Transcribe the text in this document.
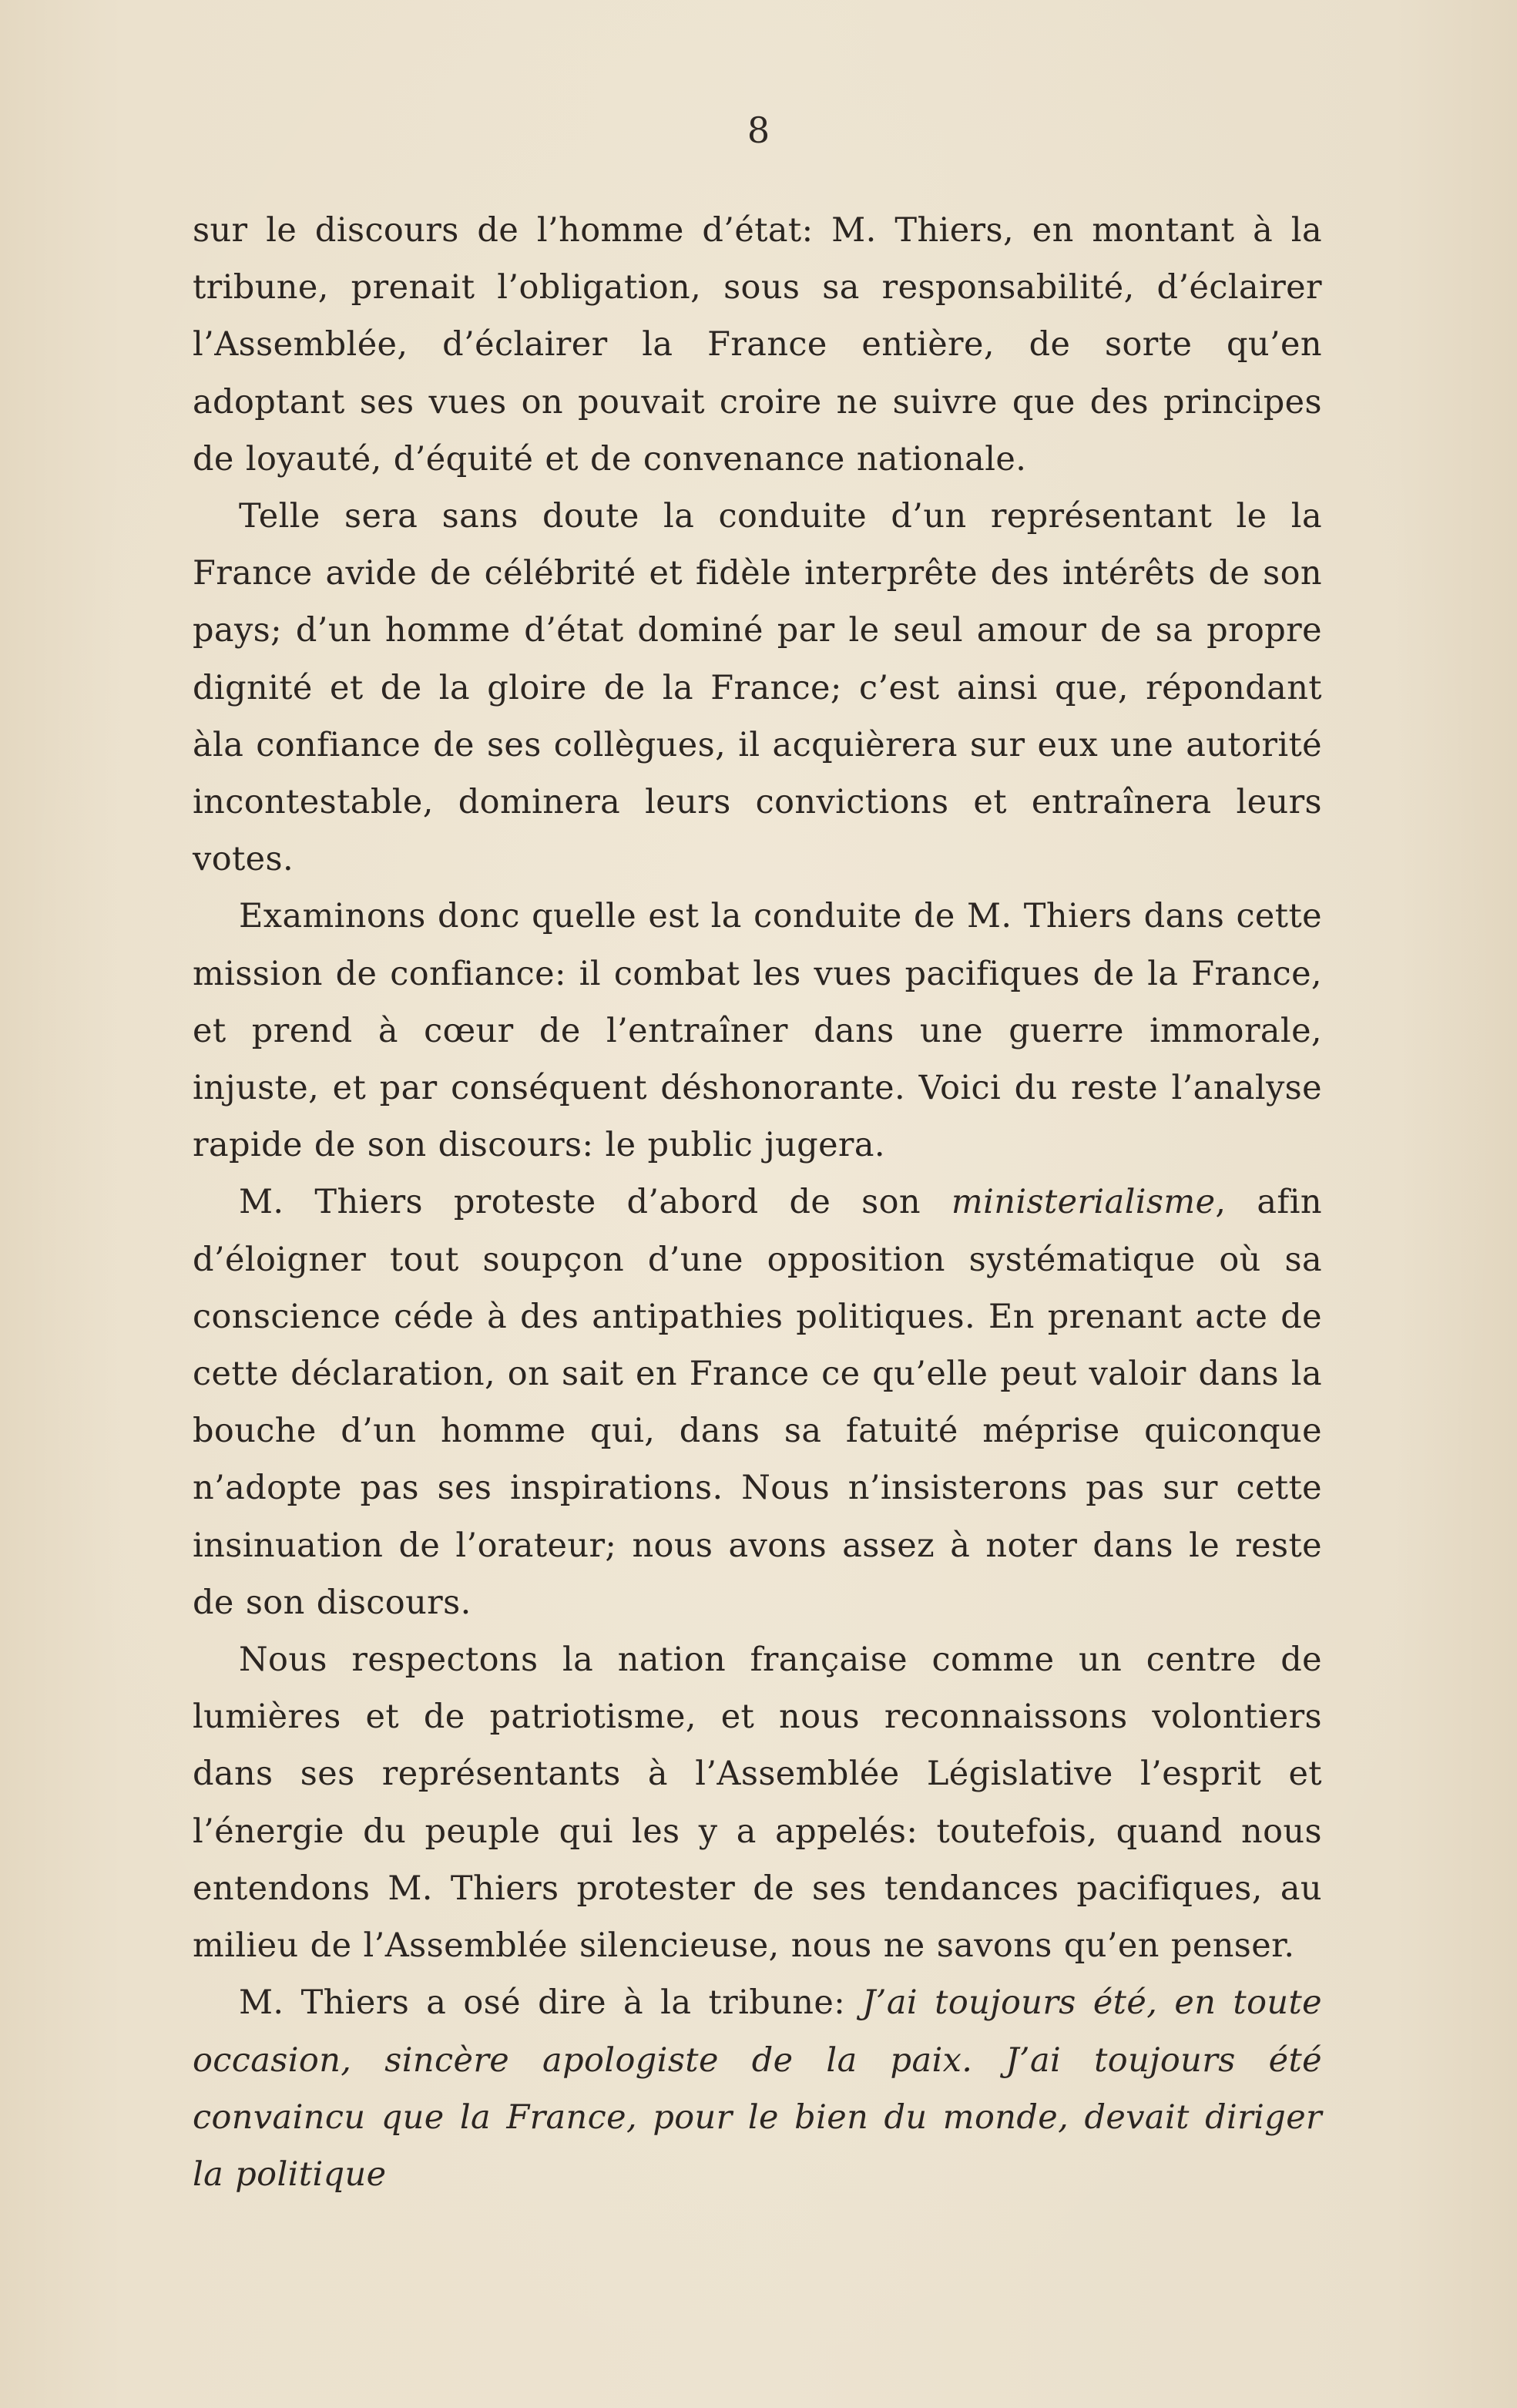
8

sur le discours de l’homme d’état: M. Thiers, en montant à la tribune, prenait l’obligation, sous sa responsabilité, d’éclairer l’Assemblée, d’éclairer la France entière, de sorte qu’en adoptant ses vues on pouvait croire ne suivre que des principes de loyauté, d’équité et de convenance nationale.

Telle sera sans doute la conduite d’un représentant le la France avide de célébrité et fidèle interprête des intérêts de son pays; d’un homme d’état dominé par le seul amour de sa propre dignité et de la gloire de la France; c’est ainsi que, répondant àla confiance de ses collègues, il acquièrera sur eux une autorité incontestable, dominera leurs convictions et entraînera leurs votes.

Examinons donc quelle est la conduite de M. Thiers dans cette mission de confiance: il combat les vues pacifiques de la France, et prend à cœur de l’entraîner dans une guerre immorale, injuste, et par conséquent déshonorante. Voici du reste l’analyse rapide de son discours: le public jugera.

M. Thiers proteste d’abord de son ministerialisme, afin d’éloigner tout soupçon d’une opposition systématique où sa conscience céde à des antipathies politiques. En prenant acte de cette déclaration, on sait en France ce qu’elle peut valoir dans la bouche d’un homme qui, dans sa fatuité méprise quiconque n’adopte pas ses inspirations. Nous n’insisterons pas sur cette insinuation de l’orateur; nous avons assez à noter dans le reste de son discours.

Nous respectons la nation française comme un centre de lumières et de patriotisme, et nous reconnaissons volontiers dans ses représentants à l’Assemblée Législative l’esprit et l’énergie du peuple qui les y a appelés: toutefois, quand nous entendons M. Thiers protester de ses tendances pacifiques, au milieu de l’Assemblée silencieuse, nous ne savons qu’en penser.

M. Thiers a osé dire à la tribune: J’ai toujours été, en toute occasion, sincère apologiste de la paix. J’ai toujours été convaincu que la France, pour le bien du monde, devait diriger la politique
